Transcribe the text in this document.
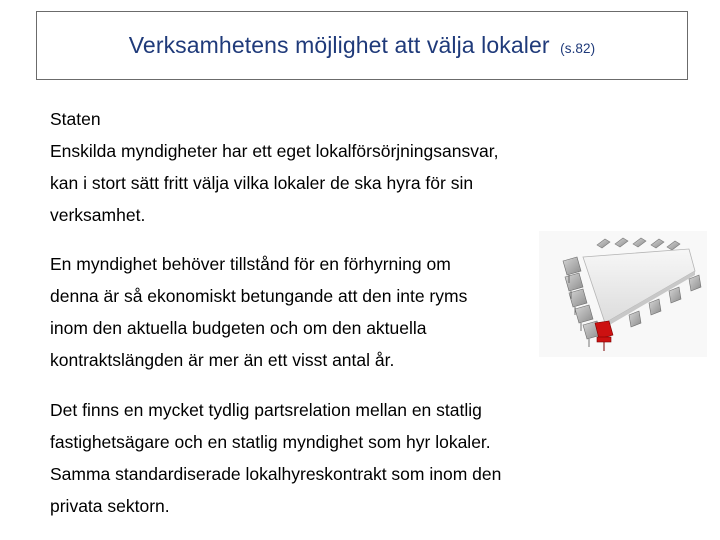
Verksamhetens möjlighet att välja lokaler (s.82)
Staten
Enskilda myndigheter har ett eget lokalförsörjningsansvar,
kan i stort sätt fritt välja vilka lokaler de ska hyra för sin
verksamhet.
En myndighet behöver tillstånd för en förhyrning om
denna är så ekonomiskt betungande att den inte ryms
inom den aktuella budgeten och om den aktuella
kontraktslängden är mer än ett visst antal år.
Det finns en mycket tydlig partsrelation mellan en statlig
fastighetsägare och en statlig myndighet som hyr lokaler.
Samma standardiserade lokalhyreskontrakt som inom den
privata sektorn.
